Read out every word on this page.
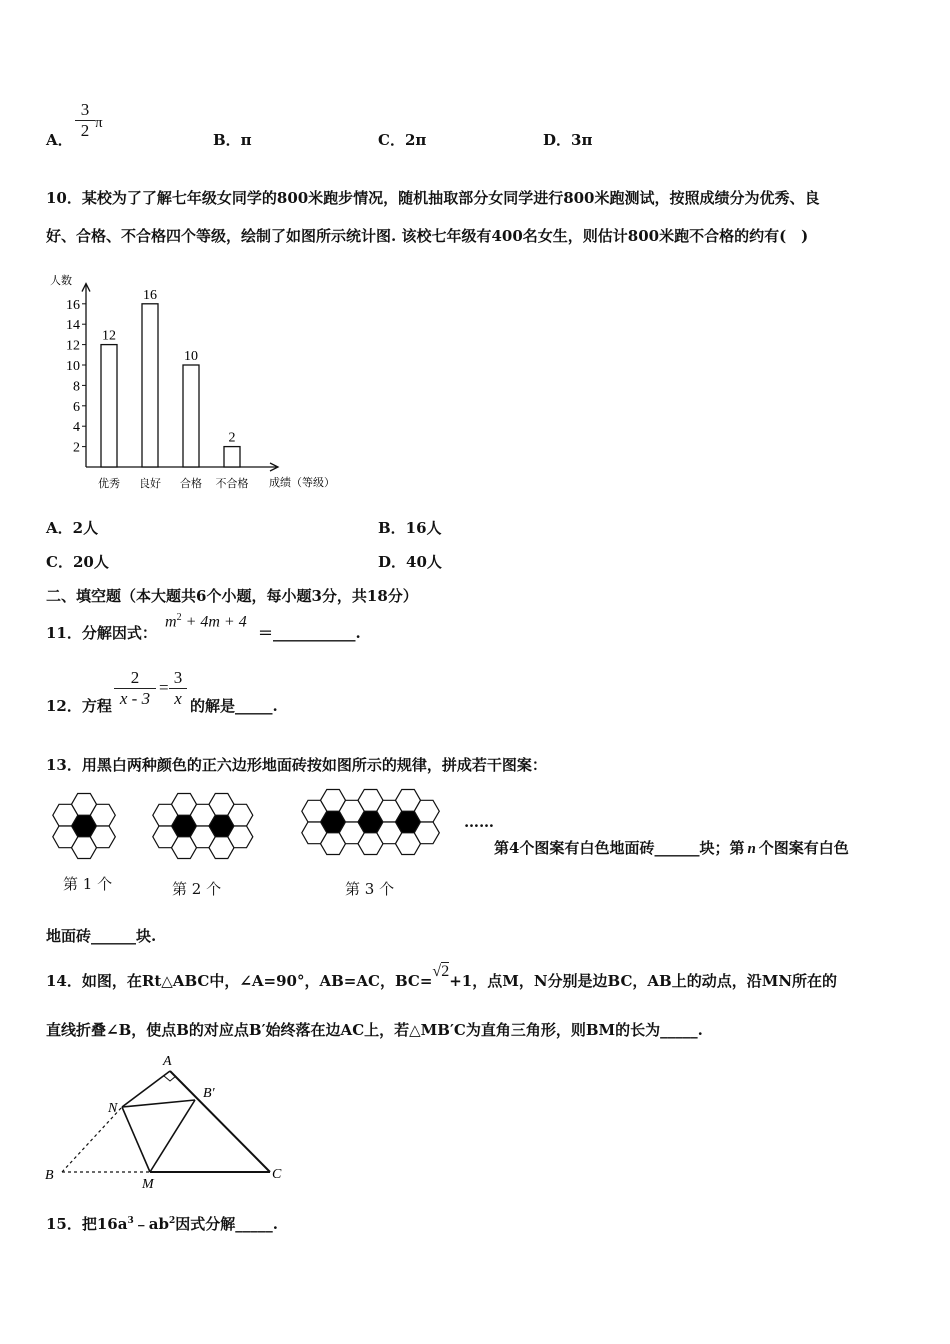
A．
3
2 π
B．π	C．2π	D．3π
10．某校为了了解七年级女同学的800米跑步情况，随机抽取部分女同学进行800米跑测试，按照成绩分为优秀、良
好、合格、不合格四个等级，绘制了如图所示统计图. 该校七年级有400名女生，则估计800米跑不合格的约有(　)
人数
2
4
6
8
10
12
14
16
12
16
10
2
优秀 良好 合格 不合格 成绩（等级）
A．2人	B．16人
C．20人	D．40人
二、填空题（本大题共6个小题，每小题3分，共18分）
11．分解因式：
$m^2 + 4m + 4$
＝___________.
12．方程
2
x - 3
=
3
x 的解是_____.
13．用黑白两种颜色的正六边形地面砖按如图所示的规律，拼成若干图案：
第 1 个	第 2 个	第 3 个
……
第4个图案有白色地面砖______块；第 n 个图案有白色
地面砖______块.
14．如图，在Rt△ABC中，∠A=90°，AB=AC，BC=√2+1，点M，N分别是边BC，AB上的动点，沿MN所在的
直线折叠∠B，使点B的对应点B′始终落在边AC上，若△MB′C为直角三角形，则BM的长为_____.
A
B′
N
B
M
C
15．把$16a^3﹣ab^2$因式分解_____.
